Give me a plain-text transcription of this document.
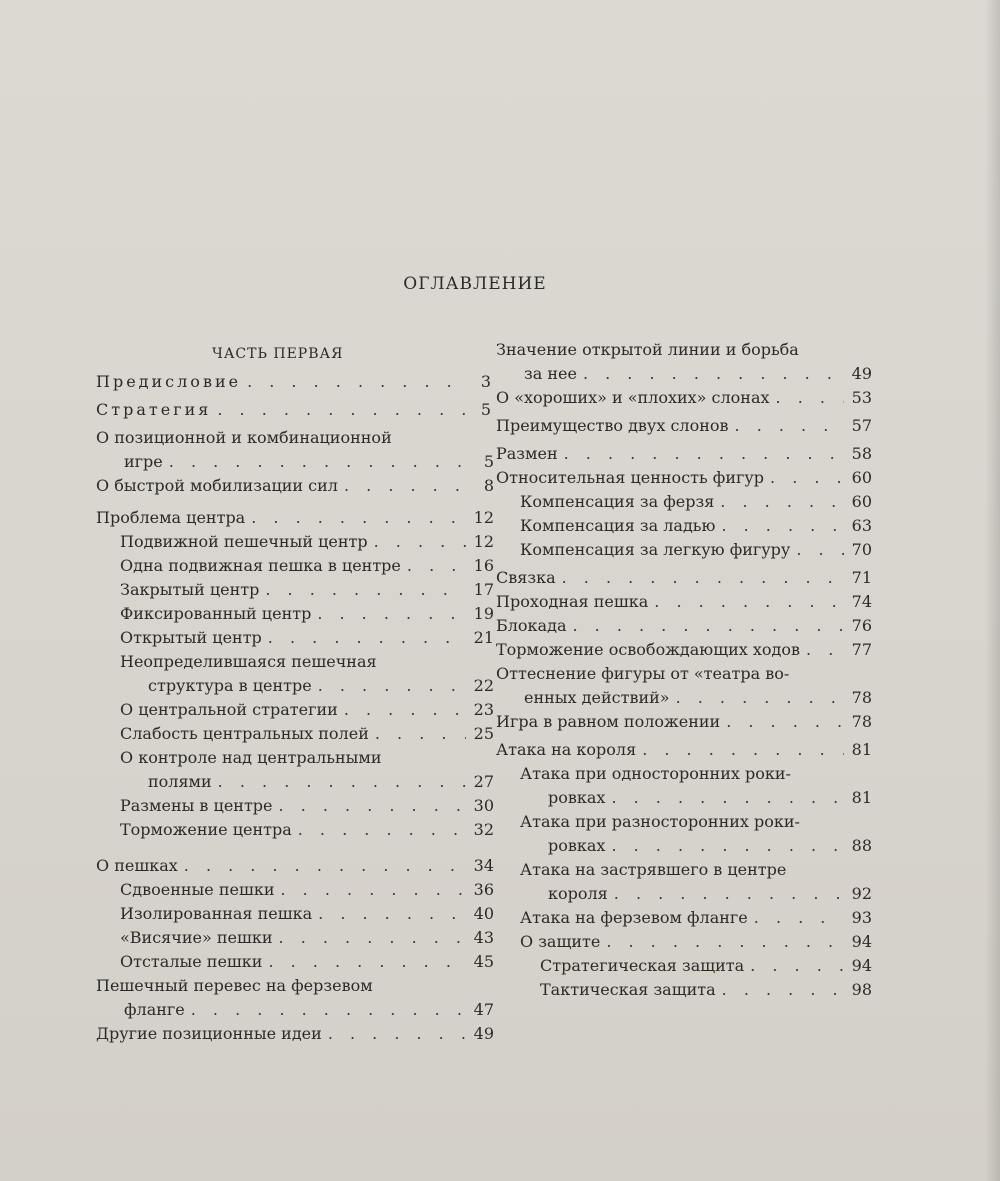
ОГЛАВЛЕНИЕ
ЧАСТЬ ПЕРВАЯ
Предисловие . . .	3
Стратегия . . .	5
О позиционной и комбинационной
игре . . .	5
О быстрой мобилизации сил . . .	8
Проблема центра . . .	12
Подвижной пешечный центр . . .	12
Одна подвижная пешка в центре . . .	16
Закрытый центр . . .	17
Фиксированный центр . . .	19
Открытый центр . . .	21
Неопределившаяся пешечная
структура в центре . . .	22
О центральной стратегии . . .	23
Слабость центральных полей . . .	25
О контроле над центральными
полями . . .	27
Размены в центре . . .	30
Торможение центра . . .	32
О пешках . . .	34
Сдвоенные пешки . . .	36
Изолированная пешка . . .	40
«Висячие» пешки . . .	43
Отсталые пешки . . .	45
Пешечный перевес на ферзевом
фланге . . .	47
Другие позиционные идеи . . .	49
Значение открытой линии и борьба
за нее . . .	49
О «хороших» и «плохих» слонах . . .	53
Преимущество двух слонов . . .	57
Размен . . .	58
Относительная ценность фигур . . .	60
Компенсация за ферзя . . .	60
Компенсация за ладью . . .	63
Компенсация за легкую фигуру . . .	70
Связка . . .	71
Проходная пешка . . .	74
Блокада . . .	76
Торможение освобождающих ходов . . .	77
Оттеснение фигуры от «театра во-
енных действий» . . .	78
Игра в равном положении . . .	78
Атака на короля . . .	81
Атака при односторонних роки-
ровках . . .	81
Атака при разносторонних роки-
ровках . . .	88
Атака на застрявшего в центре
короля . . .	92
Атака на ферзевом фланге . . .	93
О защите . . .	94
Стратегическая защита . . .	94
Тактическая защита . . .	98
